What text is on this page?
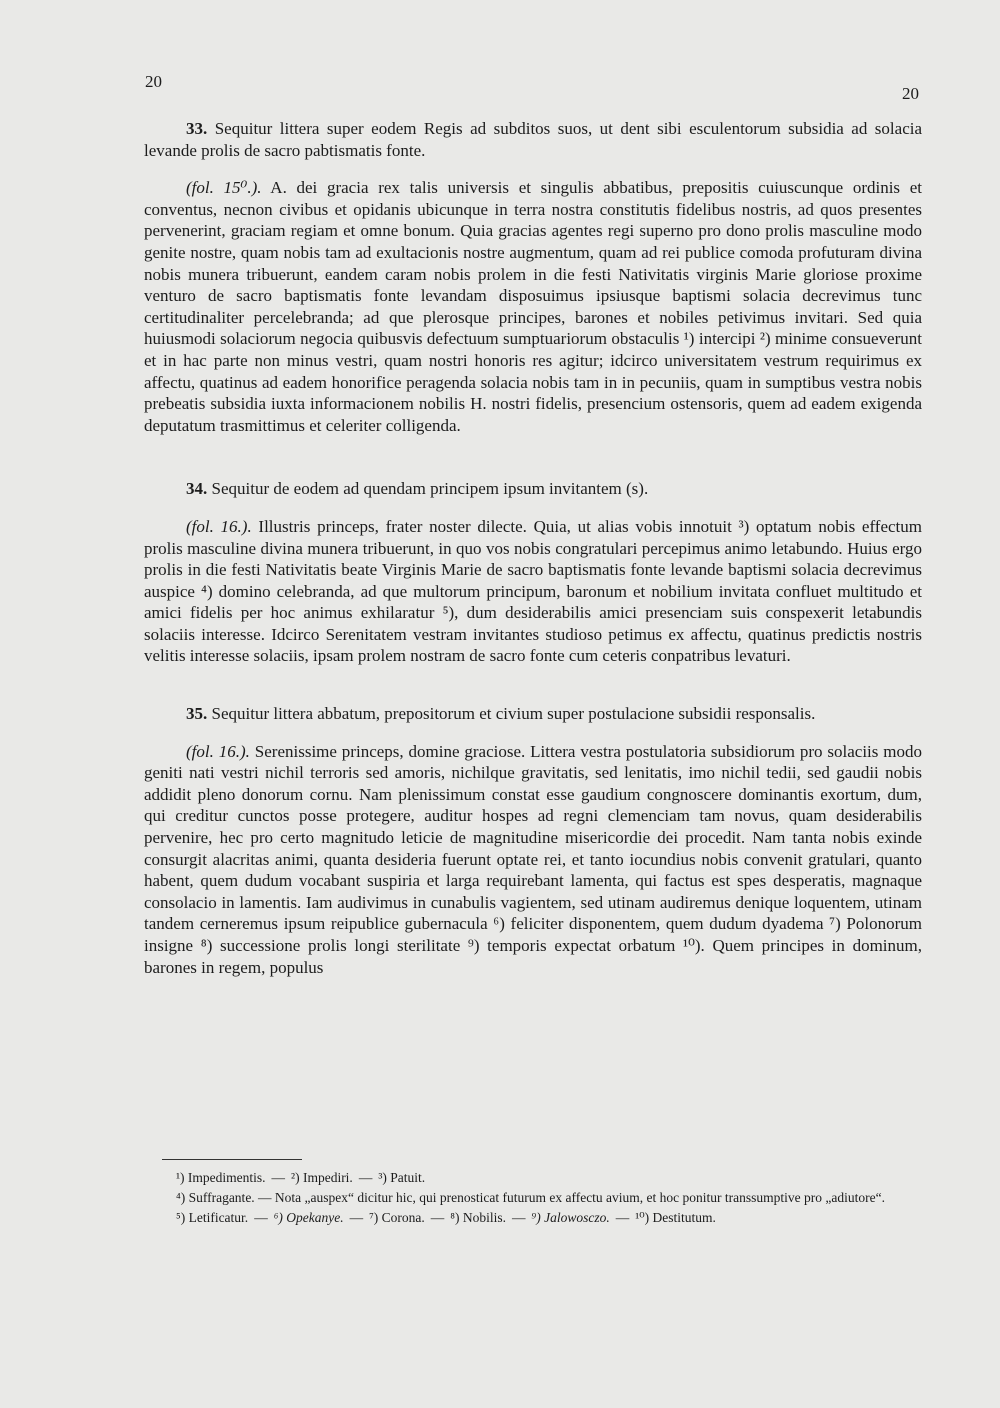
20
20

33. Sequitur littera super eodem Regis ad subditos suos, ut dent sibi esculentorum subsidia ad solacia levande prolis de sacro pabtismatis fonte.

(fol. 15⁰.). A. dei gracia rex talis universis et singulis abbatibus, prepositis cuiuscunque ordinis et conventus, necnon civibus et opidanis ubicunque in terra nostra constitutis fidelibus nostris, ad quos presentes pervenerint, graciam regiam et omne bonum. Quia gracias agentes regi superno pro dono prolis masculine modo genite nostre, quam nobis tam ad exultacionis nostre augmentum, quam ad rei publice comoda profuturam divina nobis munera tribuerunt, eandem caram nobis prolem in die festi Nativitatis virginis Marie gloriose proxime venturo de sacro baptismatis fonte levandam disposuimus ipsiusque baptismi solacia decrevimus tunc certitudinaliter percelebranda; ad que plerosque principes, barones et nobiles petivimus invitari. Sed quia huiusmodi solaciorum negocia quibusvis defectuum sumptuariorum obstaculis ¹) intercipi ²) minime consueverunt et in hac parte non minus vestri, quam nostri honoris res agitur; idcirco universitatem vestrum requirimus ex affectu, quatinus ad eadem honorifice peragenda solacia nobis tam in in pecuniis, quam in sumptibus vestra nobis prebeatis subsidia iuxta informacionem nobilis H. nostri fidelis, presencium ostensoris, quem ad eadem exigenda deputatum trasmittimus et celeriter colligenda.

34. Sequitur de eodem ad quendam principem ipsum invitantem (s).

(fol. 16.). Illustris princeps, frater noster dilecte. Quia, ut alias vobis innotuit ³) optatum nobis effectum prolis masculine divina munera tribuerunt, in quo vos nobis congratulari percepimus animo letabundo. Huius ergo prolis in die festi Nativitatis beate Virginis Marie de sacro baptismatis fonte levande baptismi solacia decrevimus auspice ⁴) domino celebranda, ad que multorum principum, baronum et nobilium invitata confluet multitudo et amici fidelis per hoc animus exhilaratur ⁵), dum desiderabilis amici presenciam suis conspexerit letabundis solaciis interesse. Idcirco Serenitatem vestram invitantes studioso petimus ex affectu, quatinus predictis nostris velitis interesse solaciis, ipsam prolem nostram de sacro fonte cum ceteris conpatribus levaturi.

35. Sequitur littera abbatum, prepositorum et civium super postulacione subsidii responsalis.

(fol. 16.). Serenissime princeps, domine graciose. Littera vestra postulatoria subsidiorum pro solaciis modo geniti nati vestri nichil terroris sed amoris, nichilque gravitatis, sed lenitatis, imo nichil tedii, sed gaudii nobis addidit pleno donorum cornu. Nam plenissimum constat esse gaudium congnoscere dominantis exortum, dum, qui creditur cunctos posse protegere, auditur hospes ad regni clemenciam tam novus, quam desiderabilis pervenire, hec pro certo magnitudo leticie de magnitudine misericordie dei procedit. Nam tanta nobis exinde consurgit alacritas animi, quanta desideria fuerunt optate rei, et tanto iocundius nobis convenit gratulari, quanto habent, quem dudum vocabant suspiria et larga requirebant lamenta, qui factus est spes desperatis, magnaque consolacio in lamentis. Iam audivimus in cunabulis vagientem, sed utinam audiremus denique loquentem, utinam tandem cerneremus ipsum reipublice gubernacula ⁶) feliciter disponentem, quem dudum dyadema ⁷) Polonorum insigne ⁸) successione prolis longi sterilitate ⁹) temporis expectat orbatum ¹⁰). Quem principes in dominum, barones in regem, populus

¹) Impedimentis. — ²) Impediri. — ³) Patuit.

⁴) Suffragante. — Nota „auspex“ dicitur hic, qui prenosticat futurum ex affectu avium, et hoc ponitur transsumptive pro „adiutore“.

⁵) Letificatur. — ⁶) Opekanye. — ⁷) Corona. — ⁸) Nobilis. — ⁹) Jalowosczo. — ¹⁰) Destitutum.
